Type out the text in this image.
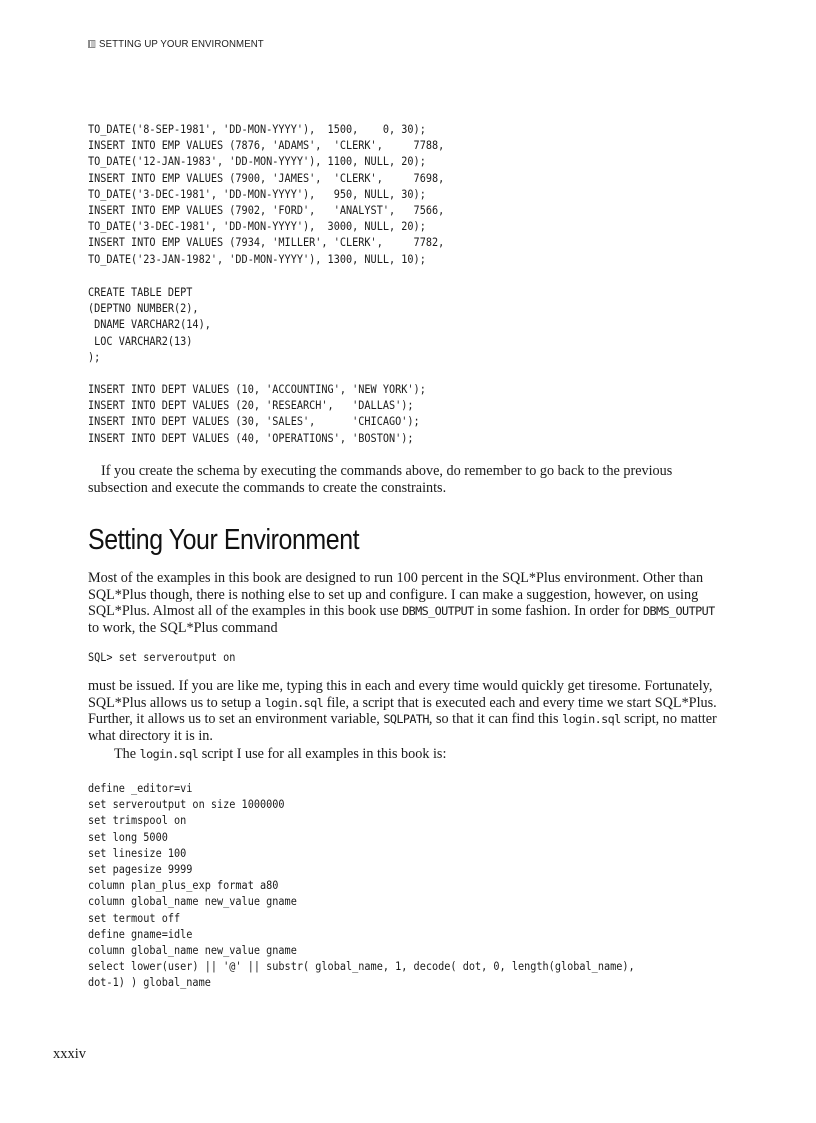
SETTING UP YOUR ENVIRONMENT
TO_DATE('8-SEP-1981', 'DD-MON-YYYY'),  1500,    0, 30);
INSERT INTO EMP VALUES (7876, 'ADAMS',  'CLERK',     7788,
TO_DATE('12-JAN-1983', 'DD-MON-YYYY'), 1100, NULL, 20);
INSERT INTO EMP VALUES (7900, 'JAMES',  'CLERK',     7698,
TO_DATE('3-DEC-1981', 'DD-MON-YYYY'),   950, NULL, 30);
INSERT INTO EMP VALUES (7902, 'FORD',   'ANALYST',   7566,
TO_DATE('3-DEC-1981', 'DD-MON-YYYY'),  3000, NULL, 20);
INSERT INTO EMP VALUES (7934, 'MILLER', 'CLERK',     7782,
TO_DATE('23-JAN-1982', 'DD-MON-YYYY'), 1300, NULL, 10);
CREATE TABLE DEPT
(DEPTNO NUMBER(2),
DNAME VARCHAR2(14),
LOC VARCHAR2(13)
);
INSERT INTO DEPT VALUES (10, 'ACCOUNTING', 'NEW YORK');
INSERT INTO DEPT VALUES (20, 'RESEARCH',   'DALLAS');
INSERT INTO DEPT VALUES (30, 'SALES',      'CHICAGO');
INSERT INTO DEPT VALUES (40, 'OPERATIONS', 'BOSTON');

If you create the schema by executing the commands above, do remember to go back to the previous subsection and execute the commands to create the constraints.

Setting Your Environment

Most of the examples in this book are designed to run 100 percent in the SQL*Plus environment. Other than SQL*Plus though, there is nothing else to set up and configure. I can make a suggestion, however, on using SQL*Plus. Almost all of the examples in this book use DBMS_OUTPUT in some fashion. In order for DBMS_OUTPUT to work, the SQL*Plus command

SQL> set serveroutput on

must be issued. If you are like me, typing this in each and every time would quickly get tiresome. Fortunately, SQL*Plus allows us to setup a login.sql file, a script that is executed each and every time we start SQL*Plus. Further, it allows us to set an environment variable, SQLPATH, so that it can find this login.sql script, no matter what directory it is in.

The login.sql script I use for all examples in this book is:

define _editor=vi
set serveroutput on size 1000000
set trimspool on
set long 5000
set linesize 100
set pagesize 9999
column plan_plus_exp format a80
column global_name new_value gname
set termout off
define gname=idle
column global_name new_value gname
select lower(user) || '@' || substr( global_name, 1, decode( dot, 0, length(global_name),
dot-1) ) global_name
xxxiv
